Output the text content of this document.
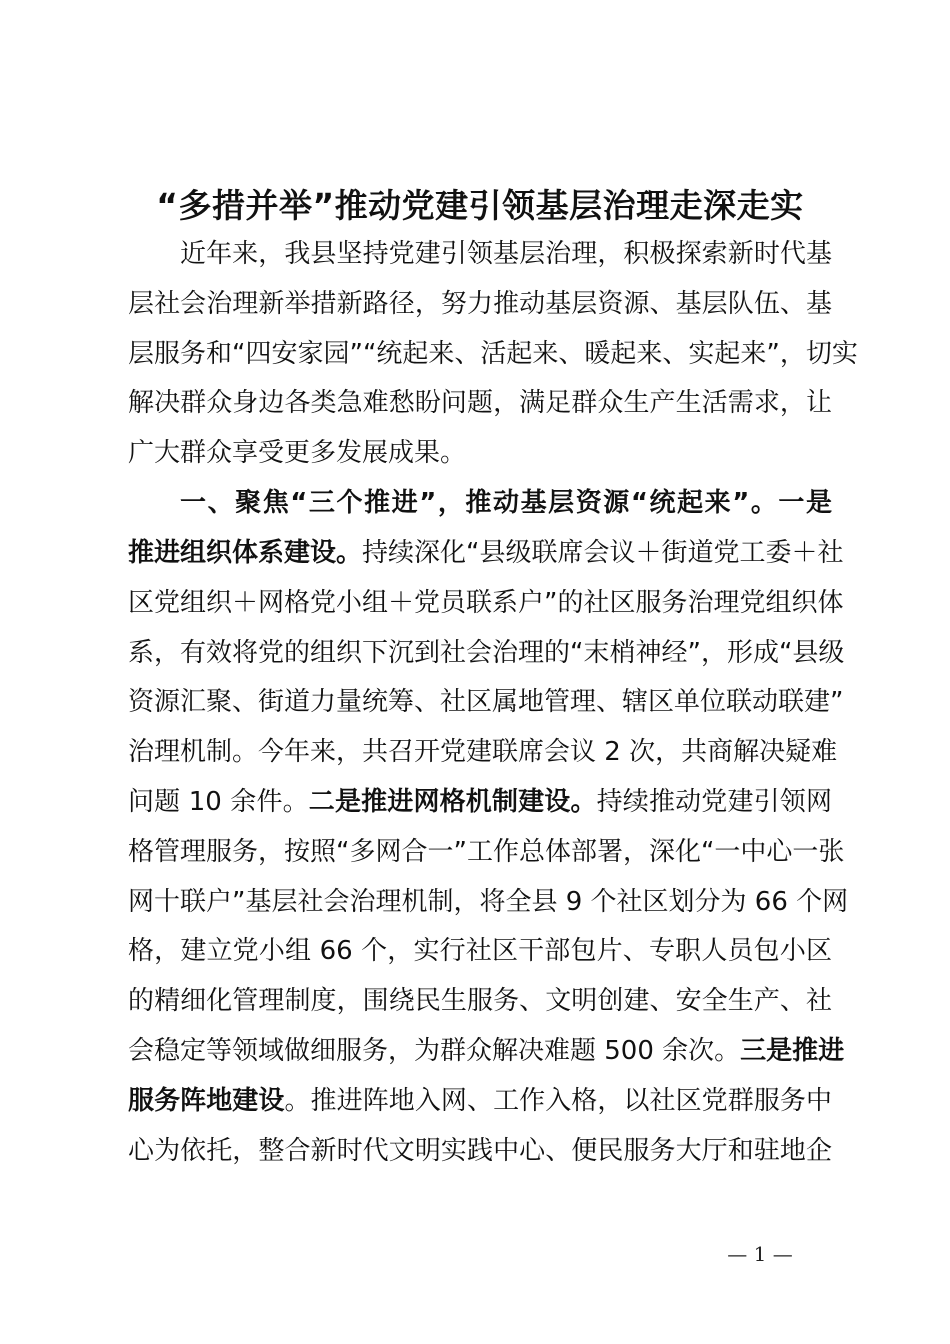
“多措并举”推动党建引领基层治理走深走实
近年来，我县坚持党建引领基层治理，积极探索新时代基
层社会治理新举措新路径，努力推动基层资源、基层队伍、基
层服务和“四安家园”“统起来、活起来、暖起来、实起来”，切实
解决群众身边各类急难愁盼问题，满足群众生产生活需求，让
广大群众享受更多发展成果。
一、聚焦“三个推进”，推动基层资源“统起来”。一是
推进组织体系建设。持续深化“县级联席会议＋街道党工委＋社
区党组织＋网格党小组＋党员联系户”的社区服务治理党组织体
系，有效将党的组织下沉到社会治理的“末梢神经”，形成“县级
资源汇聚、街道力量统筹、社区属地管理、辖区单位联动联建”
治理机制。今年来，共召开党建联席会议 2 次，共商解决疑难
问题 10 余件。二是推进网格机制建设。持续推动党建引领网
格管理服务，按照“多网合一”工作总体部署，深化“一中心一张
网十联户”基层社会治理机制，将全县 9 个社区划分为 66 个网
格，建立党小组 66 个，实行社区干部包片、专职人员包小区
的精细化管理制度，围绕民生服务、文明创建、安全生产、社
会稳定等领域做细服务，为群众解决难题 500 余次。三是推进
服务阵地建设。推进阵地入网、工作入格，以社区党群服务中
心为依托，整合新时代文明实践中心、便民服务大厅和驻地企
— 1 —
